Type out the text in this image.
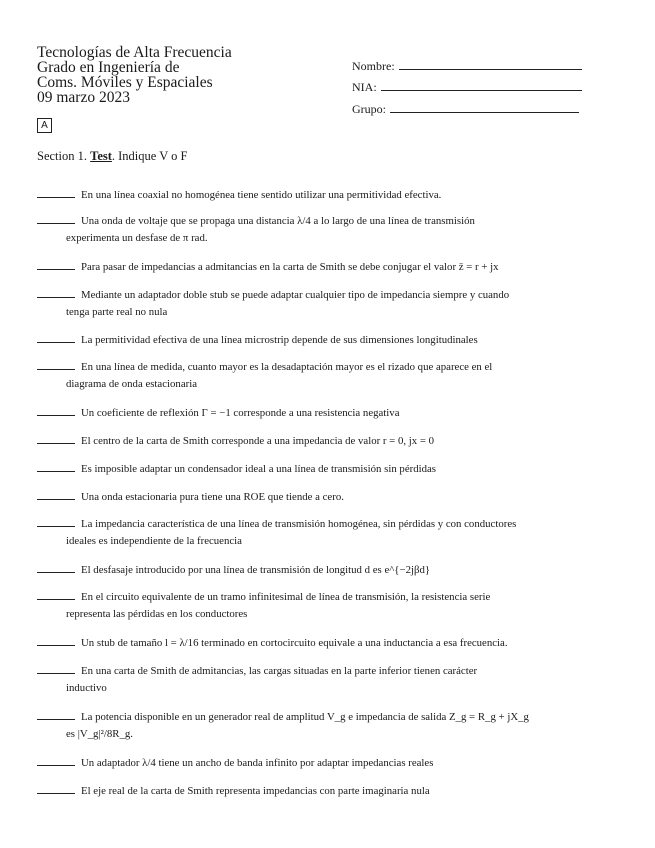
Tecnologías de Alta Frecuencia
Grado en Ingeniería de
Coms. Móviles y Espaciales
09 marzo 2023
Nombre:
NIA:
Grupo:
A
Section 1. Test. Indique V o F
En una línea coaxial no homogénea tiene sentido utilizar una permitividad efectiva.
Una onda de voltaje que se propaga una distancia λ/4 a lo largo de una línea de transmisión
experimenta un desfase de π rad.
Para pasar de impedancias a admitancias en la carta de Smith se debe conjugar el valor z̄ = r + jx
Mediante un adaptador doble stub se puede adaptar cualquier tipo de impedancia siempre y cuando
tenga parte real no nula
La permitividad efectiva de una línea microstrip depende de sus dimensiones longitudinales
En una línea de medida, cuanto mayor es la desadaptación mayor es el rizado que aparece en el
diagrama de onda estacionaria
Un coeficiente de reflexión Γ = −1 corresponde a una resistencia negativa
El centro de la carta de Smith corresponde a una impedancia de valor r = 0, jx = 0
Es imposible adaptar un condensador ideal a una línea de transmisión sin pérdidas
Una onda estacionaria pura tiene una ROE que tiende a cero.
La impedancia característica de una línea de transmisión homogénea, sin pérdidas y con conductores
ideales es independiente de la frecuencia
El desfasaje introducido por una línea de transmisión de longitud d es e^{−2jβd}
En el circuito equivalente de un tramo infinitesimal de línea de transmisión, la resistencia serie
representa las pérdidas en los conductores
Un stub de tamaño l = λ/16 terminado en cortocircuito equivale a una inductancia a esa frecuencia.
En una carta de Smith de admitancias, las cargas situadas en la parte inferior tienen carácter
inductivo
La potencia disponible en un generador real de amplitud V_g e impedancia de salida Z_g = R_g + jX_g
es |V_g|²/8R_g.
Un adaptador λ/4 tiene un ancho de banda infinito por adaptar impedancias reales
El eje real de la carta de Smith representa impedancias con parte imaginaria nula
